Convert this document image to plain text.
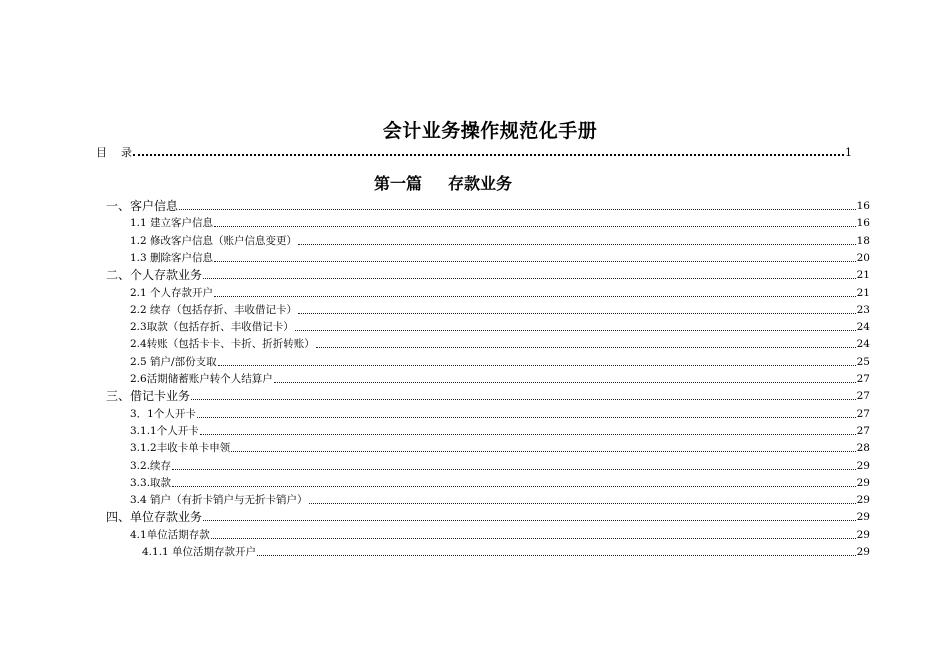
会计业务操作规范化手册
目    录	1
第一篇 存款业务
一、客户信息	16
1.1 建立客户信息	16
1.2 修改客户信息（账户信息变更）	18
1.3 删除客户信息	20
二、个人存款业务	21
2.1 个人存款开户	21
2.2 续存（包括存折、丰收借记卡）	23
2.3取款（包括存折、丰收借记卡）	24
2.4转账（包括卡卡、卡折、折折转账）	24
2.5 销户/部份支取	25
2.6活期储蓄账户转个人结算户	27
三、借记卡业务	27
3．1个人开卡	27
3.1.1个人开卡	27
3.1.2丰收卡单卡申领	28
3.2.续存	29
3.3.取款	29
3.4 销户（有折卡销户与无折卡销户）	29
四、单位存款业务	29
4.1单位活期存款	29
4.1.1 单位活期存款开户	29
